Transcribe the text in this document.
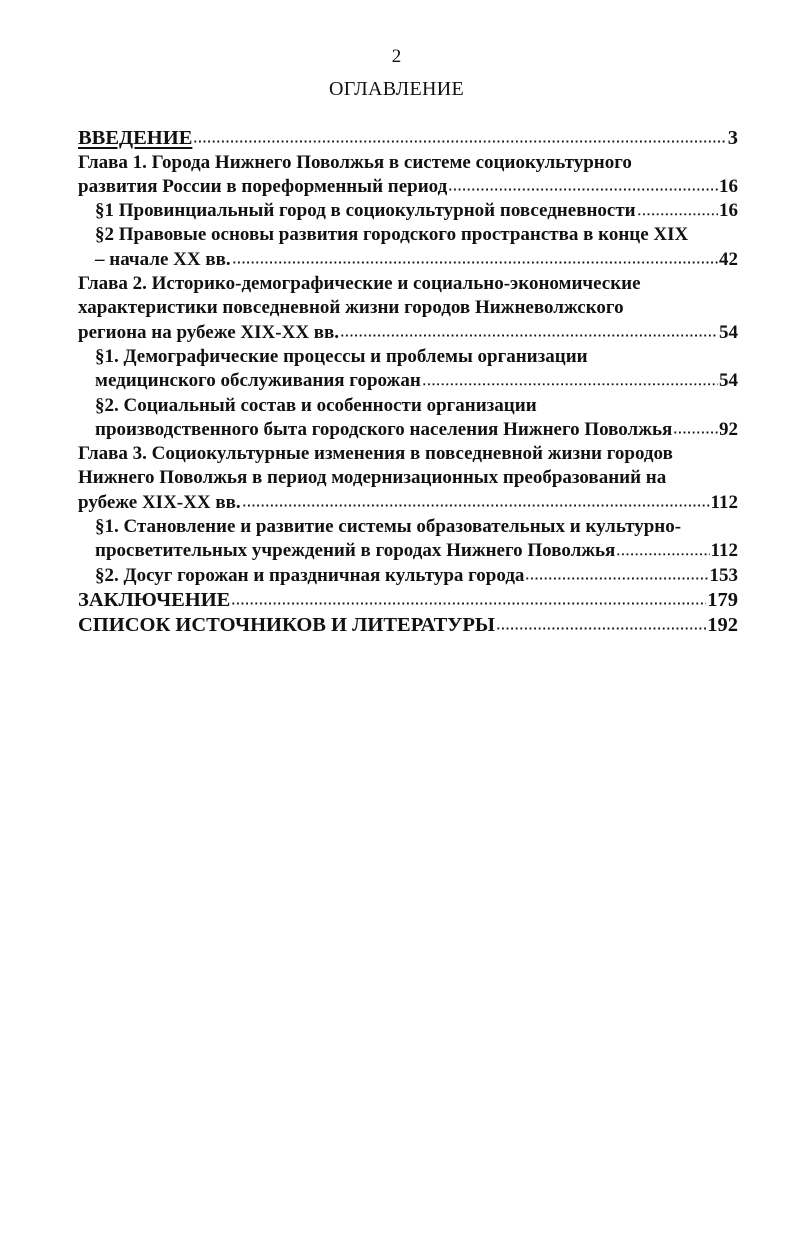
2
ОГЛАВЛЕНИЕ
ВВЕДЕНИЕ	3
Глава 1. Города Нижнего Поволжья в системе социокультурного
развития России в пореформенный период	16
§1 Провинциальный город в социокультурной повседневности	16
§2 Правовые основы развития городского пространства в конце XIX
– начале XX вв.	42
Глава 2. Историко-демографические и социально-экономические
характеристики повседневной жизни городов Нижневолжского
региона на рубеже XIX-XX вв.	54
§1. Демографические процессы и проблемы организации
медицинского обслуживания горожан	54
§2. Социальный состав и особенности организации
производственного быта городского населения Нижнего Поволжья 92
Глава 3. Социокультурные изменения в повседневной жизни городов
Нижнего Поволжья в период модернизационных преобразований на
рубеже XIX-XX вв.	112
§1. Становление и развитие системы образовательных и культурно-
просветительных учреждений в городах Нижнего Поволжья	112
§2. Досуг горожан и праздничная культура города	153
ЗАКЛЮЧЕНИЕ	179
СПИСОК ИСТОЧНИКОВ И ЛИТЕРАТУРЫ	192
